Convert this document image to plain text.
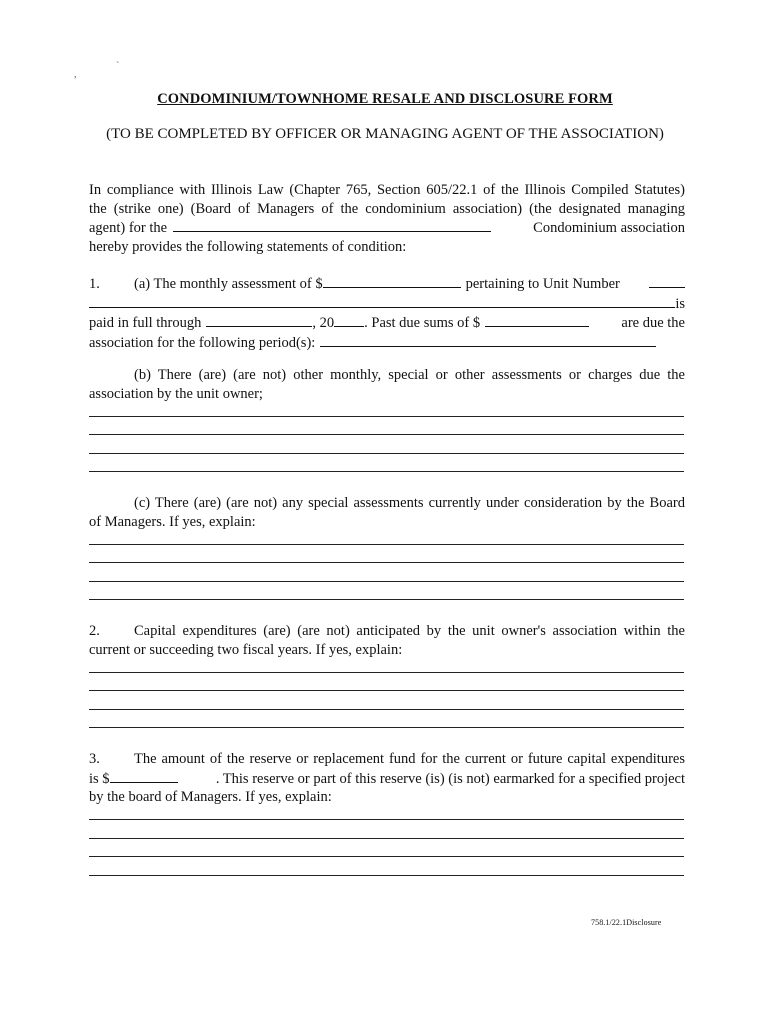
`
,
CONDOMINIUM/TOWNHOME RESALE AND DISCLOSURE FORM
(TO BE COMPLETED BY OFFICER OR MANAGING AGENT OF THE ASSOCIATION)
In compliance with Illinois Law (Chapter 765, Section 605/22.1 of the Illinois Compiled Statutes)
the (strike one) (Board of Managers of the condominium association) (the designated managing
agent) for the	Condominium association
hereby provides the following statements of condition:
1.	(a) The monthly assessment of $	pertaining to Unit Number
is
paid in full through	, 20 . Past due sums of $	are due the
association for the following period(s):
(b) There (are) (are not) other monthly, special or other assessments or charges due the
association by the unit owner;
(c) There (are) (are not) any special assessments currently under consideration by the Board
of Managers. If yes, explain:
2. Capital expenditures (are) (are not) anticipated by the unit owner's association within the
current or succeeding two fiscal years. If yes, explain:
3. The amount of the reserve or replacement fund for the current or future capital expenditures
is $	. This reserve or part of this reserve (is) (is not) earmarked for a specified project
by the board of Managers. If yes, explain:
758.1/22.1Disclosure
